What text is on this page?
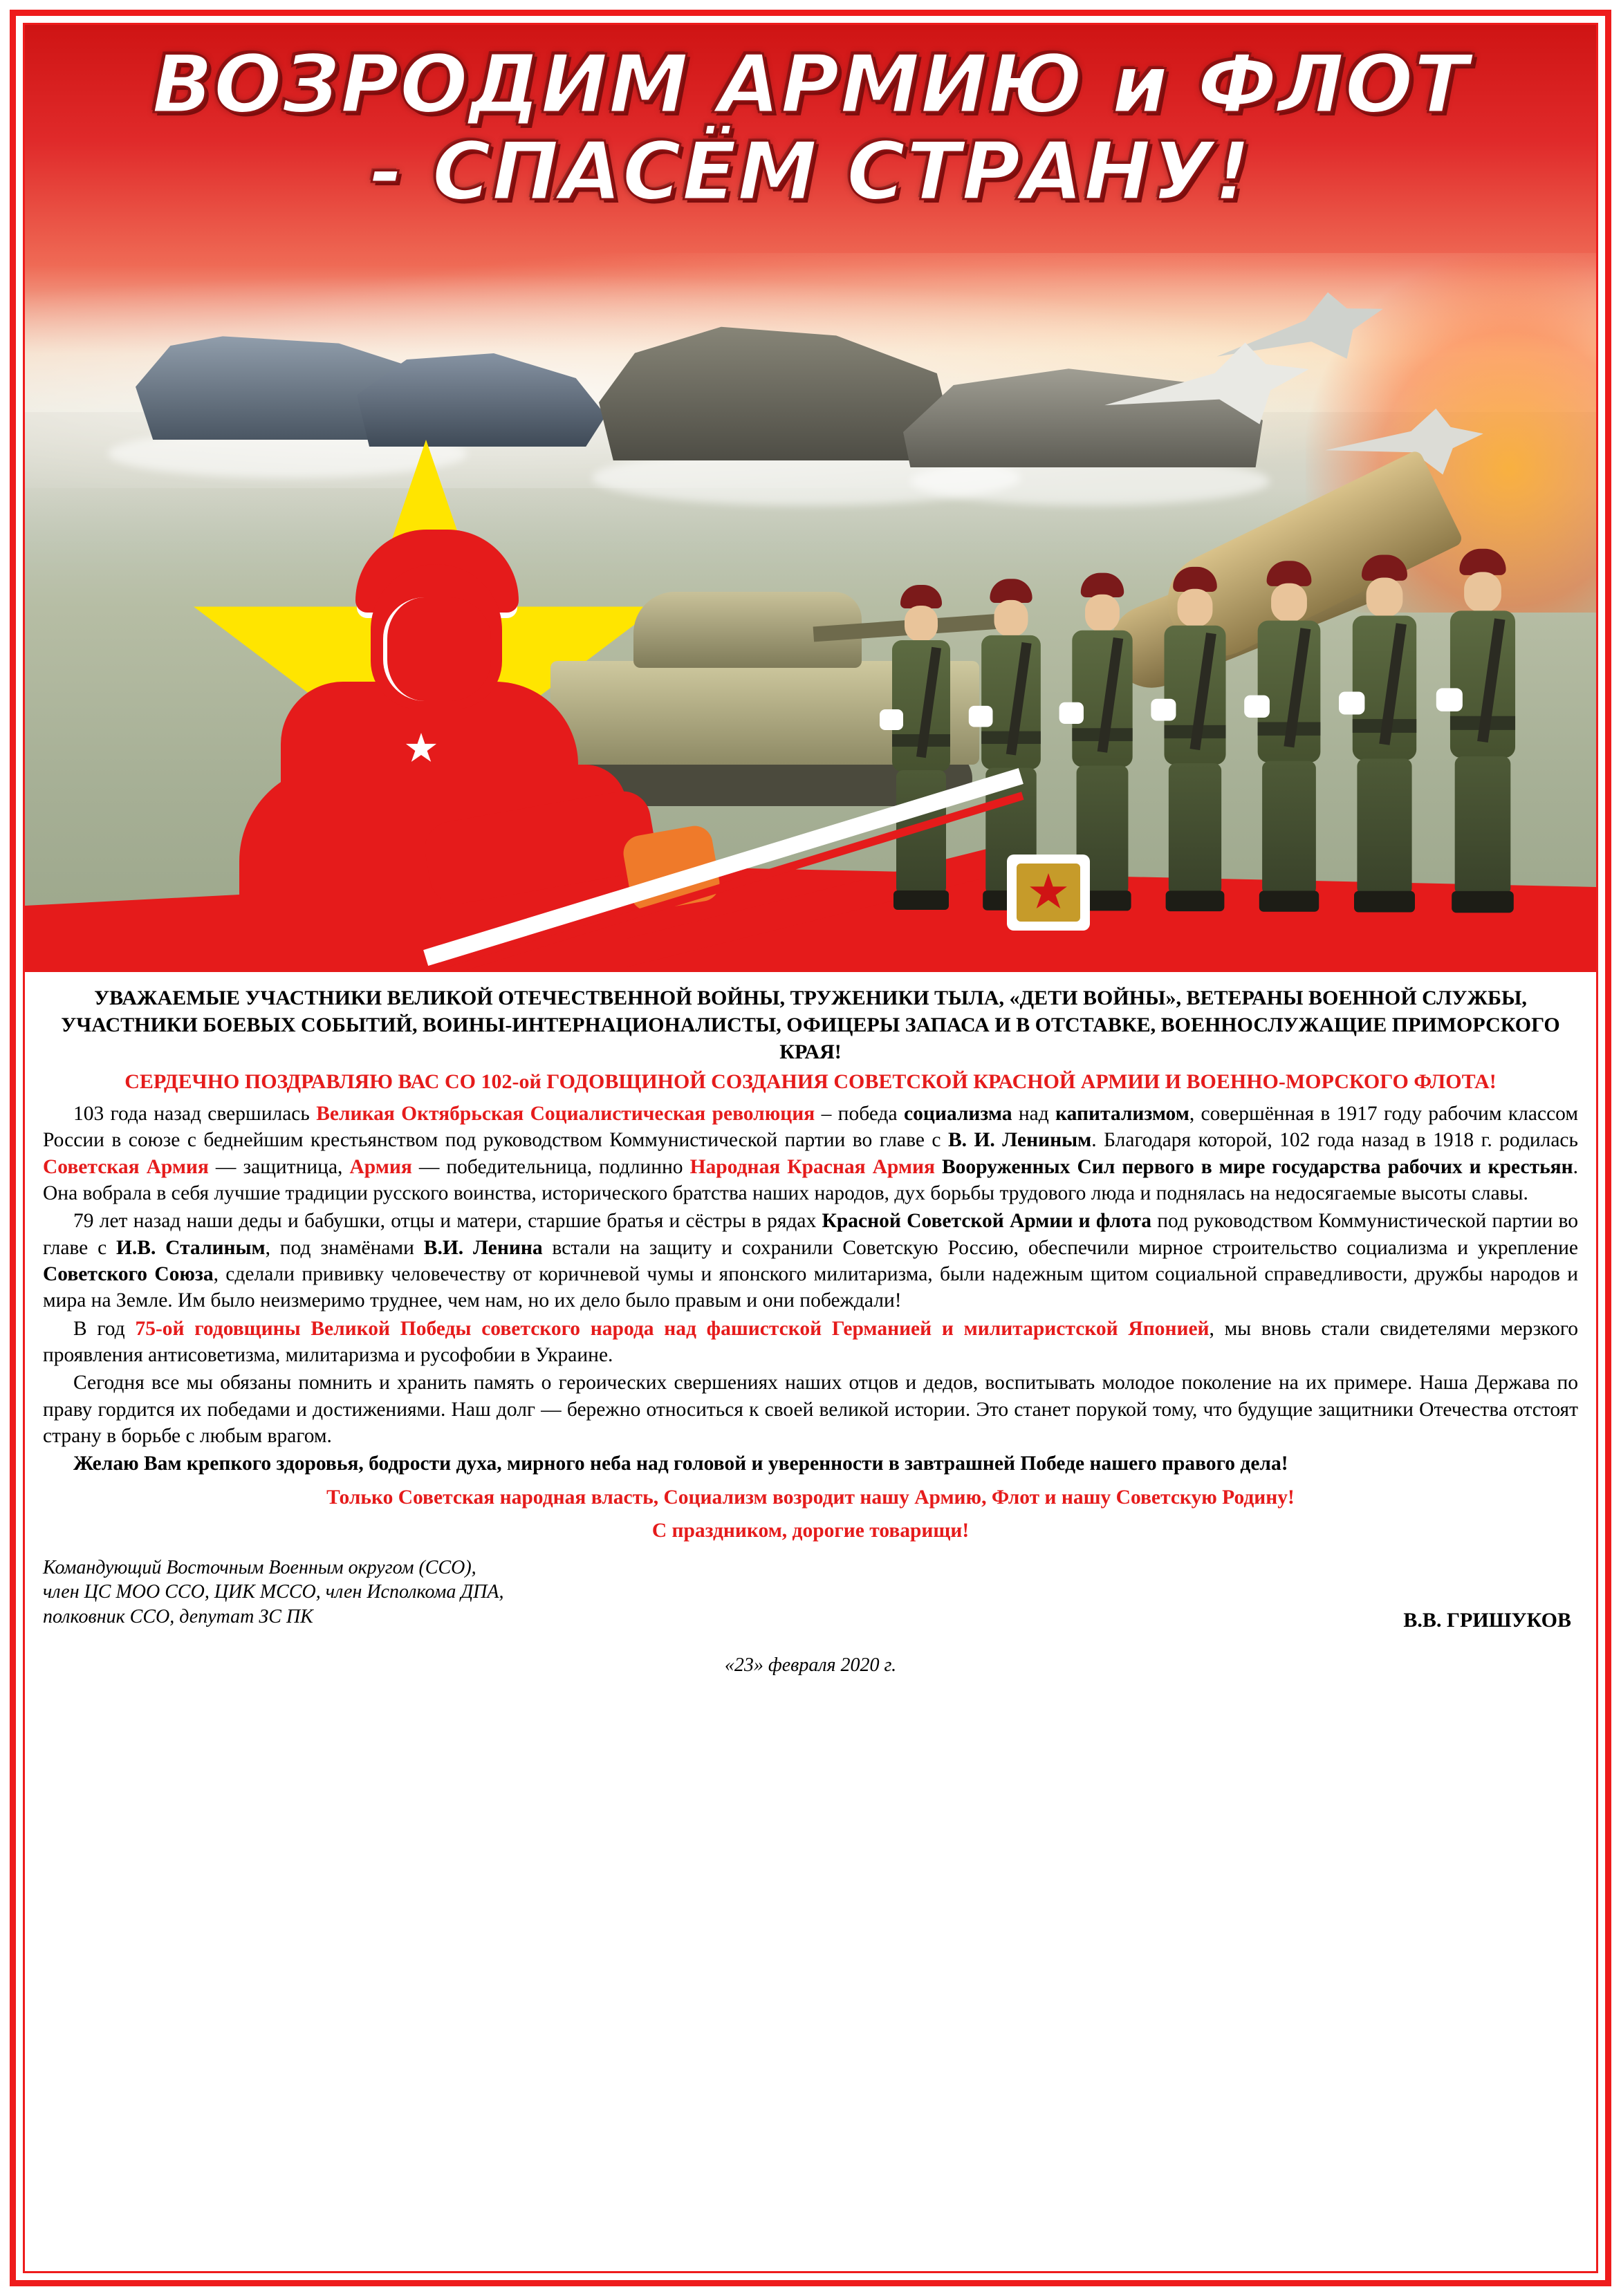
ВОЗРОДИМ АРМИЮ и ФЛОТ
- СПАСЁМ СТРАНУ!
УВАЖАЕМЫЕ УЧАСТНИКИ ВЕЛИКОЙ ОТЕЧЕСТВЕННОЙ ВОЙНЫ, ТРУЖЕНИКИ ТЫЛА, «ДЕТИ ВОЙНЫ», ВЕТЕРАНЫ ВОЕННОЙ СЛУЖБЫ, УЧАСТНИКИ БОЕВЫХ СОБЫТИЙ, ВОИНЫ-ИНТЕРНАЦИОНАЛИСТЫ, ОФИЦЕРЫ ЗАПАСА И В ОТСТАВКЕ, ВОЕННОСЛУЖАЩИЕ ПРИМОРСКОГО КРАЯ!
СЕРДЕЧНО ПОЗДРАВЛЯЮ ВАС СО 102-ой ГОДОВЩИНОЙ СОЗДАНИЯ СОВЕТСКОЙ КРАСНОЙ АРМИИ И ВОЕННО-МОРСКОГО ФЛОТА!

103 года назад свершилась Великая Октябрьская Социалистическая революция – победа социализма над капитализмом, совершённая в 1917 году рабочим классом России в союзе с беднейшим крестьянством под руководством Коммунистической партии во главе с В. И. Лениным. Благодаря которой, 102 года назад в 1918 г. родилась Советская Армия — защитница, Армия — победительница, подлинно Народная Красная Армия Вооруженных Сил первого в мире государства рабочих и крестьян. Она вобрала в себя лучшие традиции русского воинства, исторического братства наших народов, дух борьбы трудового люда и поднялась на недосягаемые высоты славы.

79 лет назад наши деды и бабушки, отцы и матери, старшие братья и сёстры в рядах Красной Советской Армии и флота под руководством Коммунистической партии во главе с И.В. Сталиным, под знамёнами В.И. Ленина встали на защиту и сохранили Советскую Россию, обеспечили мирное строительство социализма и укрепление Советского Союза, сделали прививку человечеству от коричневой чумы и японского милитаризма, были надежным щитом социальной справедливости, дружбы народов и мира на Земле. Им было неизмеримо труднее, чем нам, но их дело было правым и они побеждали!

В год 75-ой годовщины Великой Победы советского народа над фашистской Германией и милитаристской Японией, мы вновь стали свидетелями мерзкого проявления антисоветизма, милитаризма и русофобии в Украине.

Сегодня все мы обязаны помнить и хранить память о героических свершениях наших отцов и дедов, воспитывать молодое поколение на их примере. Наша Держава по праву гордится их победами и достижениями. Наш долг — бережно относиться к своей великой истории. Это станет порукой тому, что будущие защитники Отечества отстоят страну в борьбе с любым врагом.

Желаю Вам крепкого здоровья, бодрости духа, мирного неба над головой и уверенности в завтрашней Победе нашего правого дела!

Только Советская народная власть, Социализм возродит нашу Армию, Флот и нашу Советскую Родину!
С праздником, дорогие товарищи!
Командующий Восточным Военным округом (ССО),
член ЦС МОО ССО, ЦИК МССО, член Исполкома ДПА,
полковник ССО, депутат ЗС ПК	В.В. ГРИШУКОВ
«23» февраля 2020 г.
